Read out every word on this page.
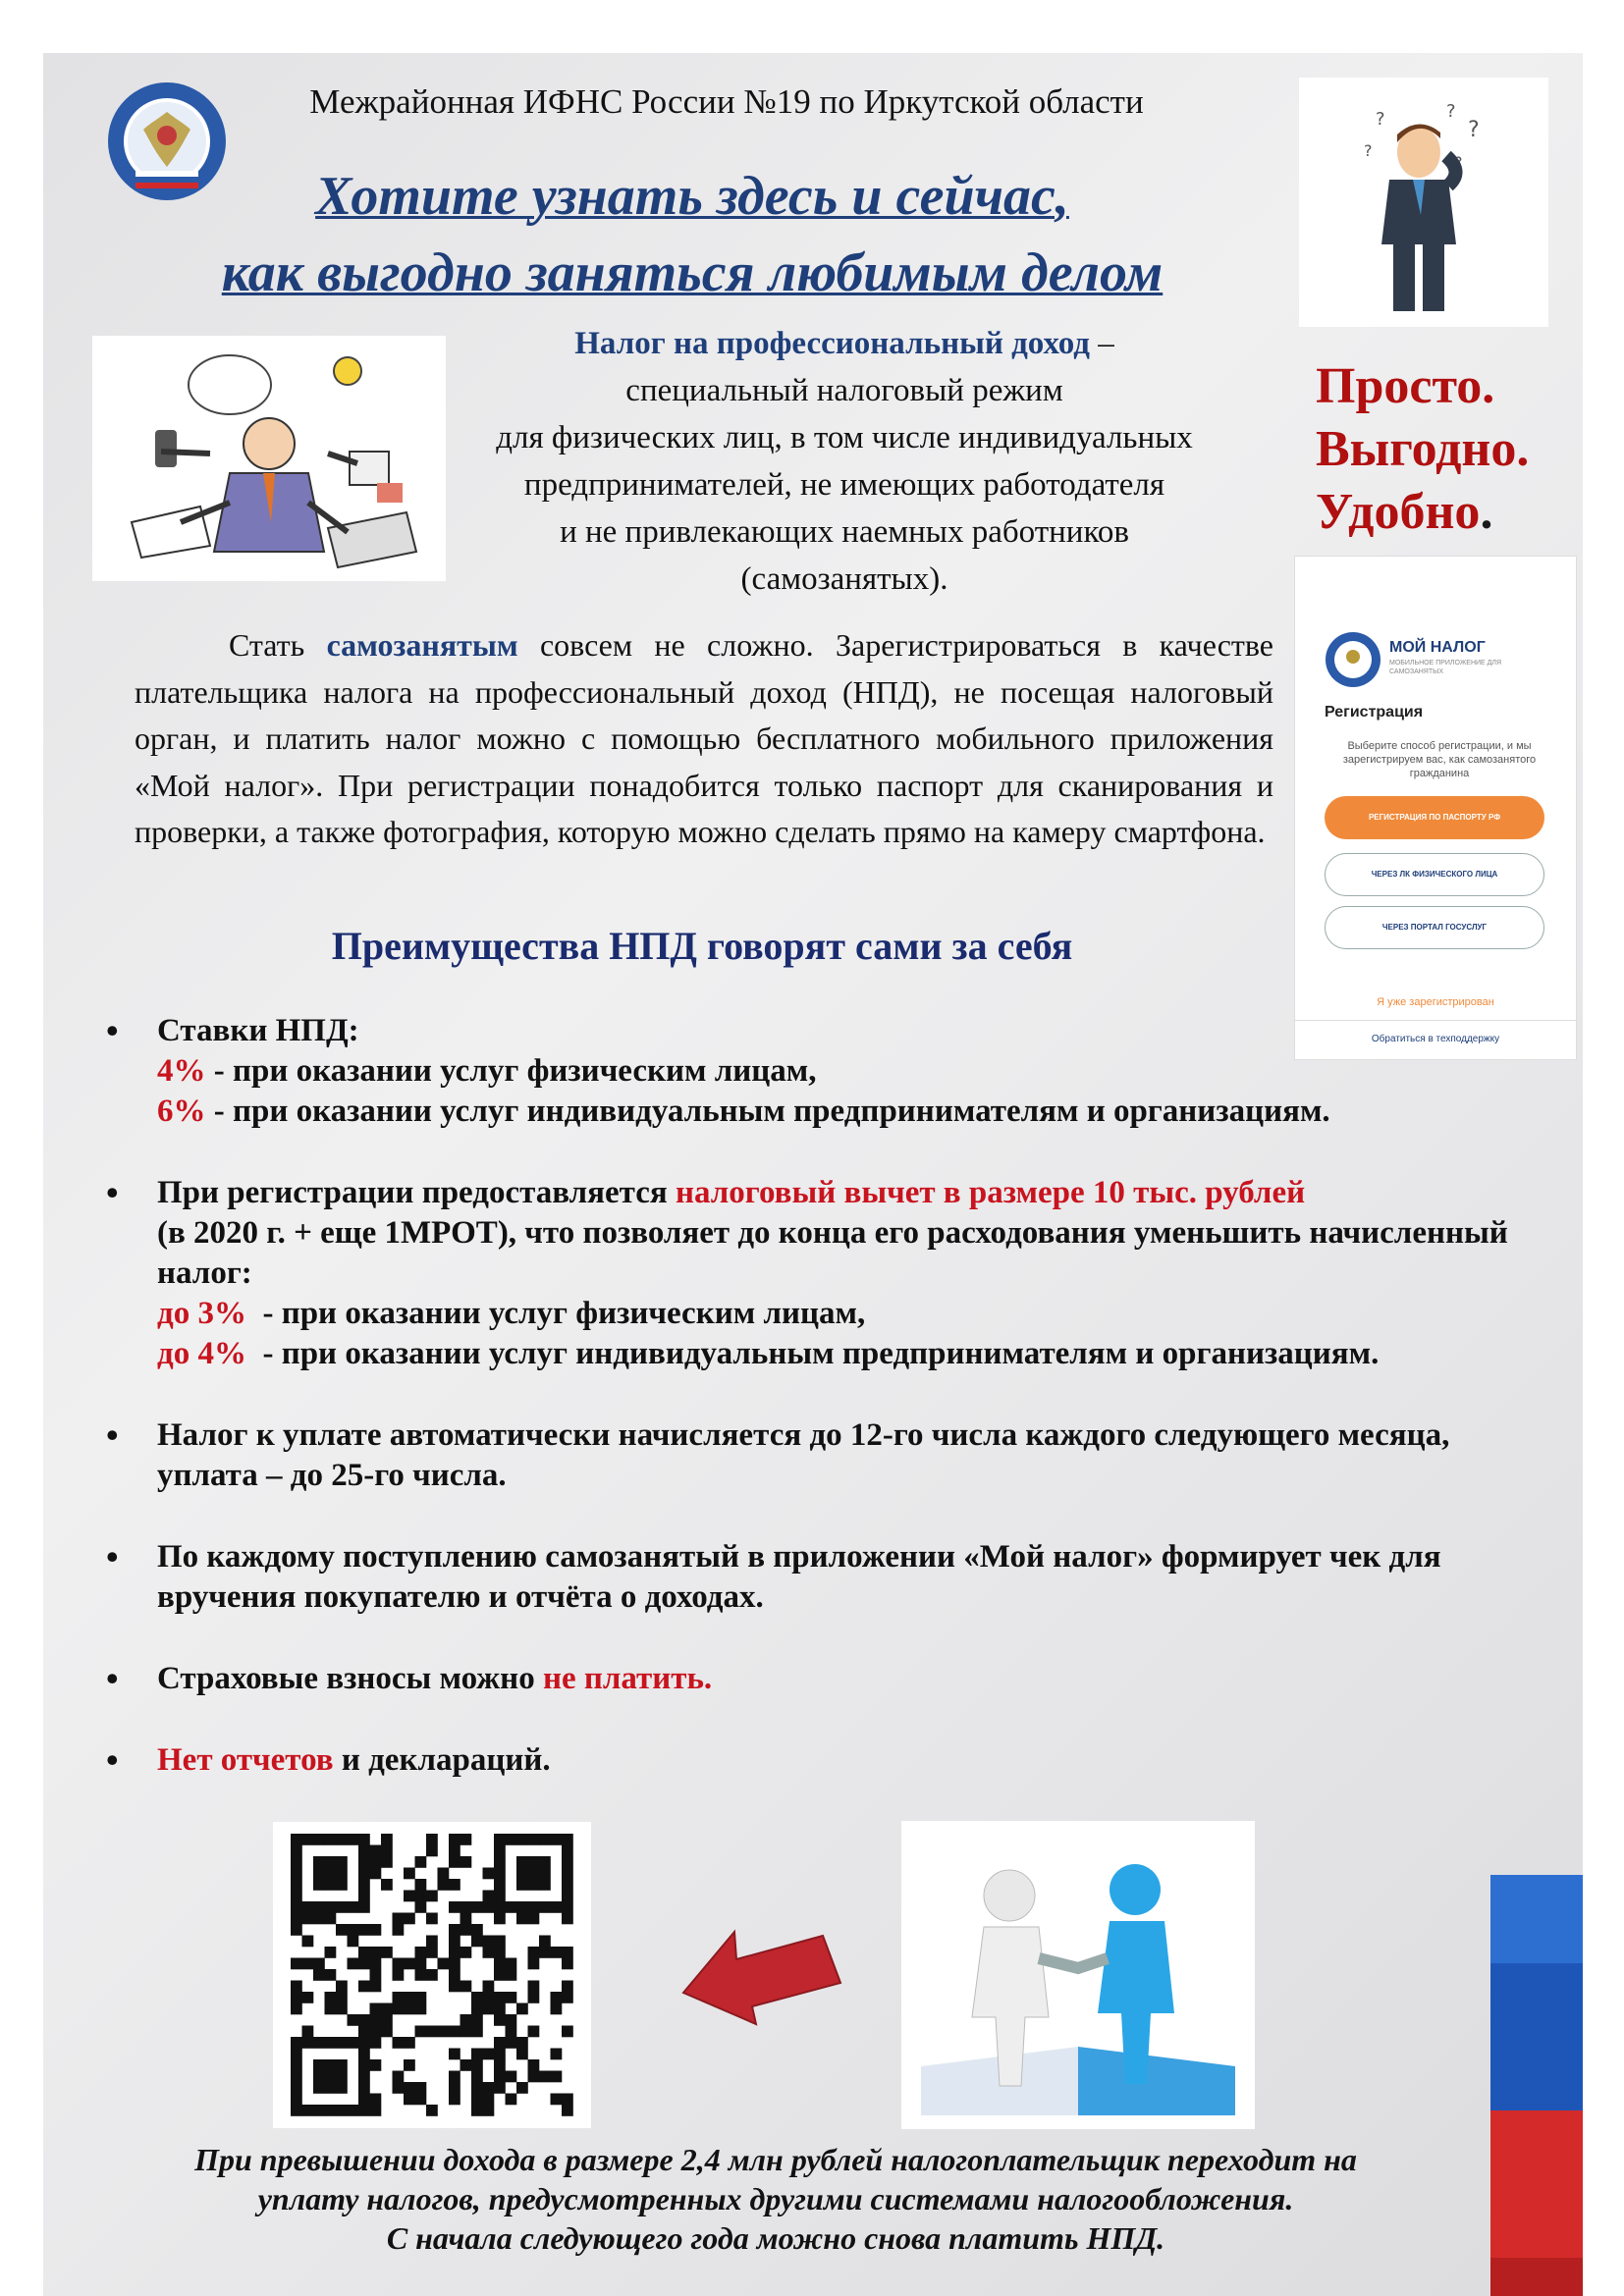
Межрайонная ИФНС России №19 по Иркутской области
Хотите узнать здесь и сейчас,
как выгодно заняться любимым делом
?	?
?
?
?
Налог на профессиональный доход –
специальный налоговый режим
для физических лиц, в том числе индивидуальных
предпринимателей, не имеющих работодателя
и не привлекающих наемных работников
(самозанятых).
Просто.
Выгодно.
Удобно.
МОЙ НАЛОГ
МОБИЛЬНОЕ ПРИЛОЖЕНИЕ ДЛЯ САМОЗАНЯТЫХ
Регистрация
Выберите способ регистрации, и мы зарегистрируем вас, как самозанятого гражданина
РЕГИСТРАЦИЯ ПО ПАСПОРТУ РФ
ЧЕРЕЗ ЛК ФИЗИЧЕСКОГО ЛИЦА
ЧЕРЕЗ ПОРТАЛ ГОСУСЛУГ
Я уже зарегистрирован
Обратиться в техподдержку
Стать самозанятым совсем не сложно. Зарегистрироваться в качестве плательщика налога на профессиональный доход (НПД), не посещая налоговый орган, и платить налог можно с помощью бесплатного мобильного приложения «Мой налог». При регистрации понадобится только паспорт для сканирования и проверки, а также фотография, которую можно сделать прямо на камеру смартфона.
Преимущества НПД говорят сами за себя
• Ставки НПД:
4% - при оказании услуг физическим лицам,
6% - при оказании услуг индивидуальным предпринимателям и организациям.
• При регистрации предоставляется налоговый вычет в размере 10 тыс. рублей
(в 2020 г. + еще 1МРОТ), что позволяет до конца его расходования уменьшить начисленный налог:
до 3%  - при оказании услуг физическим лицам,
до 4%  - при оказании услуг индивидуальным предпринимателям и организациям.
• Налог к уплате автоматически начисляется до 12-го числа каждого следующего месяца, уплата – до 25-го числа.
• По каждому поступлению самозанятый в приложении «Мой налог» формирует чек для вручения покупателю и отчёта о доходах.
• Страховые взносы можно не платить.
• Нет отчетов и деклараций.
При превышении дохода в размере 2,4 млн рублей налогоплательщик переходит на
уплату налогов, предусмотренных другими системами налогообложения.
С начала следующего года можно снова платить НПД.
